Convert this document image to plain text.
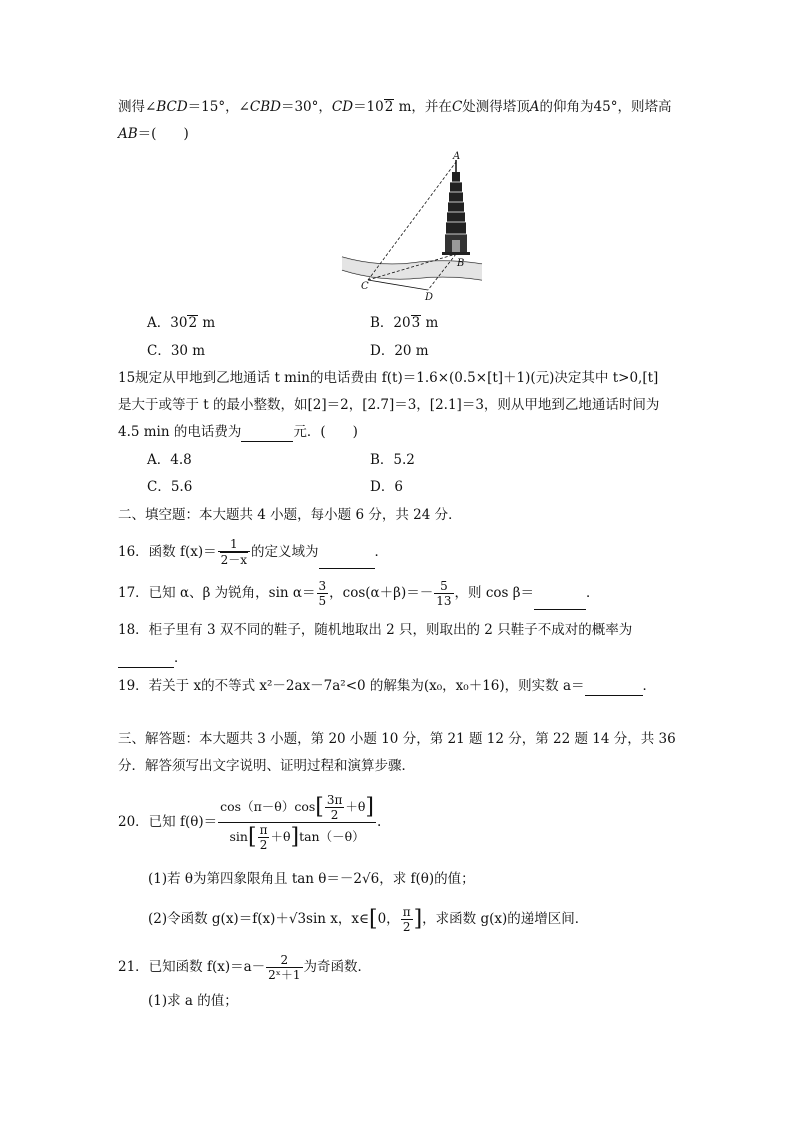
测得∠BCD＝15°，∠CBD＝30°，CD＝102 m，并在C处测得塔顶A的仰角为45°，则塔高
AB＝(　　)
A
B
C
D
A．302 m	B．203 m
C．30 m	D．20 m
15规定从甲地到乙地通话 t min的电话费由 f(t)＝1.6×(0.5×[t]＋1)(元)决定其中 t>0,[t]
是大于或等于 t 的最小整数，如[2]＝2，[2.7]＝3，[2.1]＝3，则从甲地到乙地通话时间为
4.5 min 的电话费为	元．(　　)
A．4.8	B．5.2
C．5.6	D．6
二、填空题：本大题共 4 小题，每小题 6 分，共 24 分．
16．函数 $f(x)= \frac{1}{2-x}$ 的定义域为	．
17．已知 α、β 为锐角，$\sin \alpha= \frac{3}{5}$ ，$\cos(\alpha+\beta)=- \frac{5}{13}$ ，则 cos β＝	．
18．柜子里有 3 双不同的鞋子，随机地取出 2 只，则取出的 2 只鞋子不成对的概率为
．
19．若关于 x的不等式 x²－2ax－7a²<0 的解集为(x₀，x₀＋16)，则实数 a＝	．
三、解答题：本大题共 3 小题，第 20 小题 10 分，第 21 题 12 分，第 22 题 14 分，共 36
分．解答须写出文字说明、证明过程和演算步骤．
20．已知 $f(\theta)= \frac{\cos(\pi-\theta)\cos[ \frac{3\pi}{2} +\theta]}{\sin[ \frac{\pi}{2} +\theta]\tan(-\theta)}$ .
(1)若 θ为第四象限角且 tan θ＝－2√6，求 f(θ)的值；
(2)令函数 g(x)＝f(x)＋√3sin x，x∈[0， $\frac{\pi}{2}$ ]，求函数 g(x)的递增区间．
21．已知函数 $f(x)=a- \frac{2}{\text{2ˣ＋1}}$ 为奇函数．
(1)求 a 的值；
